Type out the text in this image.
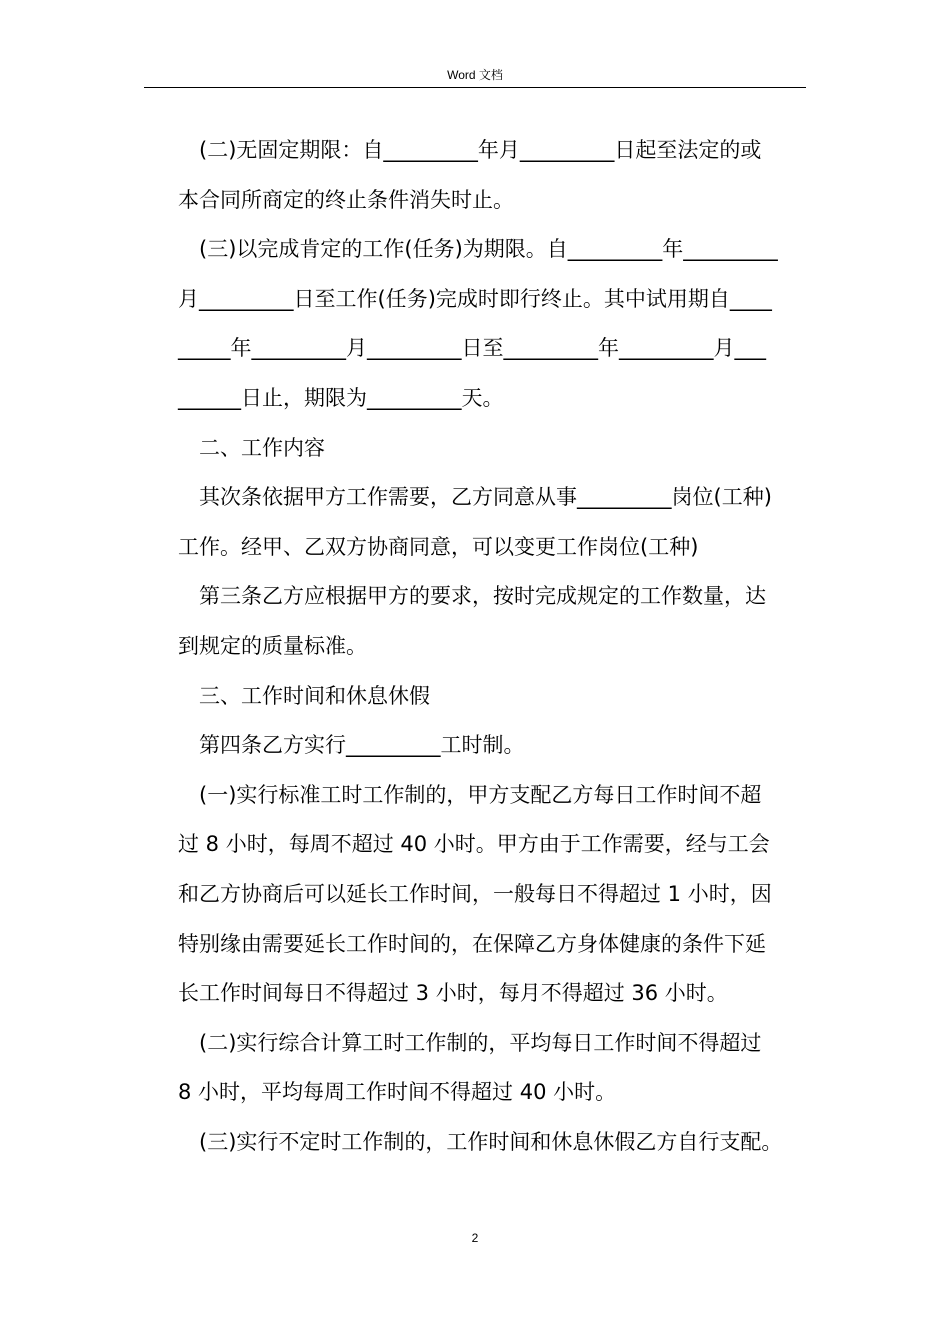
Word 文档
(二)无固定期限：自_________年月_________日起至法定的或
本合同所商定的终止条件消失时止。
(三)以完成肯定的工作(任务)为期限。自_________年_________
月_________日至工作(任务)完成时即行终止。其中试用期自____
_____年_________月_________日至_________年_________月___
______日止，期限为_________天。
二、工作内容
其次条依据甲方工作需要，乙方同意从事_________岗位(工种)
工作。经甲、乙双方协商同意，可以变更工作岗位(工种)
第三条乙方应根据甲方的要求，按时完成规定的工作数量，达
到规定的质量标准。
三、工作时间和休息休假
第四条乙方实行_________工时制。
(一)实行标准工时工作制的，甲方支配乙方每日工作时间不超
过 8 小时，每周不超过 40 小时。甲方由于工作需要，经与工会
和乙方协商后可以延长工作时间，一般每日不得超过 1 小时，因
特别缘由需要延长工作时间的，在保障乙方身体健康的条件下延
长工作时间每日不得超过 3 小时，每月不得超过 36 小时。
(二)实行综合计算工时工作制的，平均每日工作时间不得超过
8 小时，平均每周工作时间不得超过 40 小时。
(三)实行不定时工作制的，工作时间和休息休假乙方自行支配。
2
